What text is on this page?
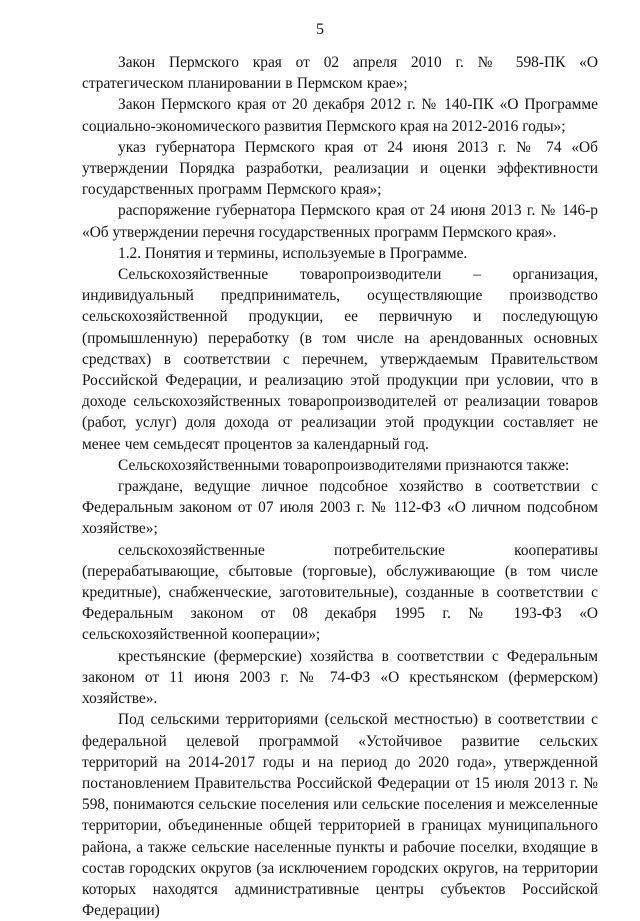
5

Закон Пермского края от 02 апреля 2010 г. № 598-ПК «О стратегическом планировании в Пермском крае»;

Закон Пермского края от 20 декабря 2012 г. № 140-ПК «О Программе социально-экономического развития Пермского края на 2012-2016 годы»;

указ губернатора Пермского края от 24 июня 2013 г. № 74 «Об утверждении Порядка разработки, реализации и оценки эффективности государственных программ Пермского края»;

распоряжение губернатора Пермского края от 24 июня 2013 г. № 146-р «Об утверждении перечня государственных программ Пермского края».

1.2. Понятия и термины, используемые в Программе.

Сельскохозяйственные товаропроизводители – организация, индивидуальный предприниматель, осуществляющие производство сельскохозяйственной продукции, ее первичную и последующую (промышленную) переработку (в том числе на арендованных основных средствах) в соответствии с перечнем, утверждаемым Правительством Российской Федерации, и реализацию этой продукции при условии, что в доходе сельскохозяйственных товаропроизводителей от реализации товаров (работ, услуг) доля дохода от реализации этой продукции составляет не менее чем семьдесят процентов за календарный год.

Сельскохозяйственными товаропроизводителями признаются также:

граждане, ведущие личное подсобное хозяйство в соответствии с Федеральным законом от 07 июля 2003 г. № 112-ФЗ «О личном подсобном хозяйстве»;

сельскохозяйственные потребительские кооперативы (перерабатывающие, сбытовые (торговые), обслуживающие (в том числе кредитные), снабженческие, заготовительные), созданные в соответствии с Федеральным законом от 08 декабря 1995 г. № 193-ФЗ «О сельскохозяйственной кооперации»;

крестьянские (фермерские) хозяйства в соответствии с Федеральным законом от 11 июня 2003 г. № 74-ФЗ «О крестьянском (фермерском) хозяйстве».

Под сельскими территориями (сельской местностью) в соответствии с федеральной целевой программой «Устойчивое развитие сельских территорий на 2014-2017 годы и на период до 2020 года», утвержденной постановлением Правительства Российской Федерации от 15 июля 2013 г. № 598, понимаются сельские поселения или сельские поселения и межселенные территории, объединенные общей территорией в границах муниципального района, а также сельские населенные пункты и рабочие поселки, входящие в состав городских округов (за исключением городских округов, на территории которых находятся административные центры субъектов Российской Федерации)
